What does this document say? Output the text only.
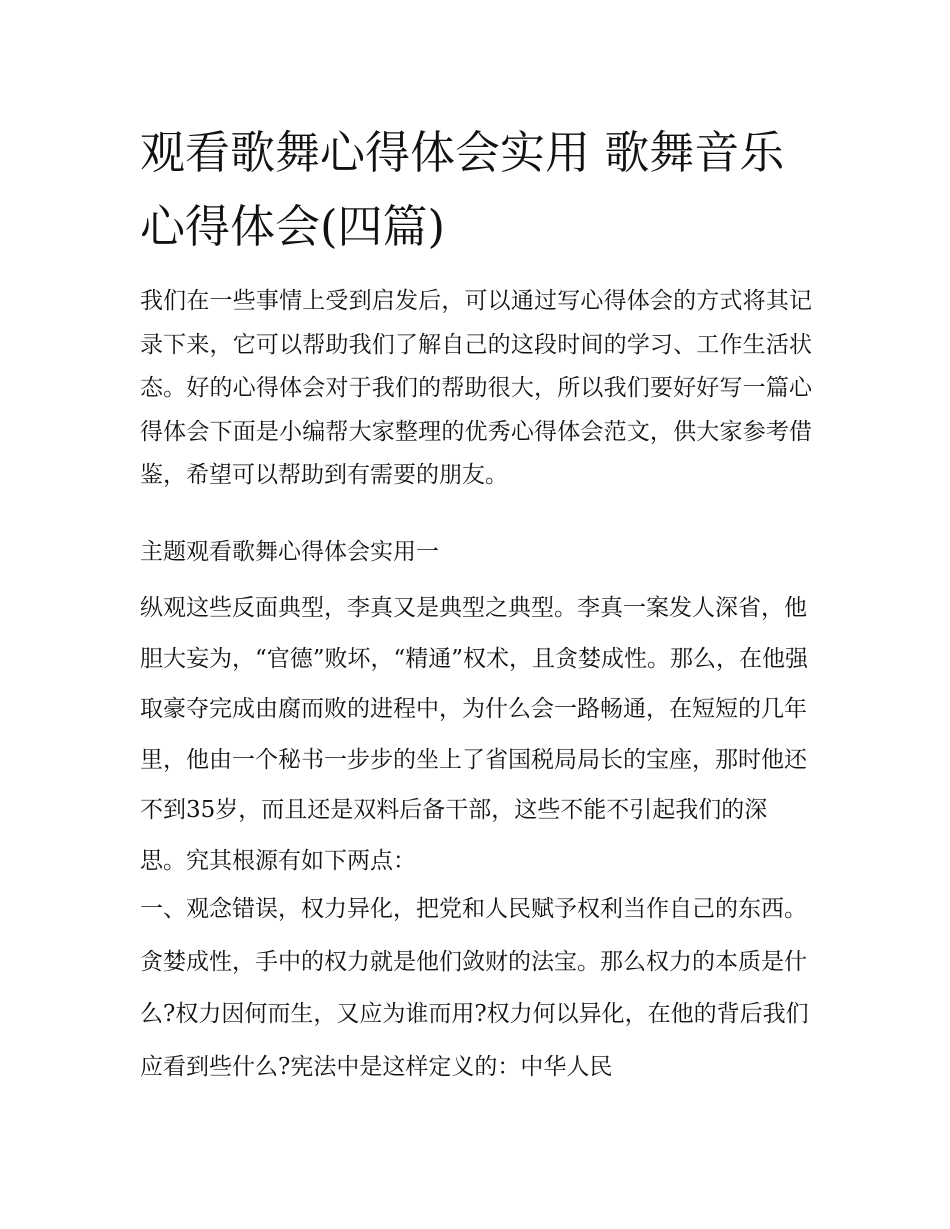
观看歌舞心得体会实用 歌舞音乐心得体会(四篇)

我们在一些事情上受到启发后，可以通过写心得体会的方式将其记录下来，它可以帮助我们了解自己的这段时间的学习、工作生活状态。好的心得体会对于我们的帮助很大，所以我们要好好写一篇心得体会下面是小编帮大家整理的优秀心得体会范文，供大家参考借鉴，希望可以帮助到有需要的朋友。

主题观看歌舞心得体会实用一

纵观这些反面典型，李真又是典型之典型。李真一案发人深省，他胆大妄为，“官德”败坏，“精通”权术，且贪婪成性。那么，在他强取豪夺完成由腐而败的进程中，为什么会一路畅通，在短短的几年里，他由一个秘书一步步的坐上了省国税局局长的宝座，那时他还不到35岁，而且还是双料后备干部，这些不能不引起我们的深思。究其根源有如下两点：

一、观念错误，权力异化，把党和人民赋予权利当作自己的东西。贪婪成性，手中的权力就是他们敛财的法宝。那么权力的本质是什么?权力因何而生，又应为谁而用?权力何以异化，在他的背后我们应看到些什么?宪法中是这样定义的：中华人民
